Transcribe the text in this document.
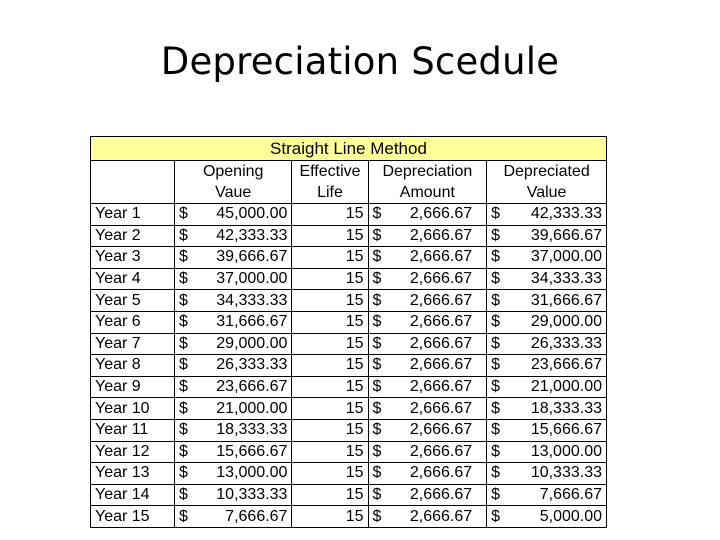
Depreciation Scedule
Straight Line Method				
	Opening	Effective	Depreciation	Depreciated
	Vaue	Life	Amount	Value
Year 1	$ 45,000.00	15	$ 2,666.67	$ 42,333.33

Year 2	$ 42,333.33	15	$ 2,666.67	$ 39,666.67

Year 3	$ 39,666.67	15	$ 2,666.67	$ 37,000.00

Year 4	$ 37,000.00	15	$ 2,666.67	$ 34,333.33

Year 5	$ 34,333.33	15	$ 2,666.67	$ 31,666.67

Year 6	$ 31,666.67	15	$ 2,666.67	$ 29,000.00

Year 7	$ 29,000.00	15	$ 2,666.67	$ 26,333.33

Year 8	$ 26,333.33	15	$ 2,666.67	$ 23,666.67

Year 9	$ 23,666.67	15	$ 2,666.67	$ 21,000.00

Year 10	$ 21,000.00	15	$ 2,666.67	$ 18,333.33

Year 11	$ 18,333.33	15	$ 2,666.67	$ 15,666.67

Year 12	$ 15,666.67	15	$ 2,666.67	$ 13,000.00

Year 13	$ 13,000.00	15	$ 2,666.67	$ 10,333.33

Year 14	$ 10,333.33	15	$ 2,666.67	$ 7,666.67

Year 15	$ 7,666.67	15	$ 2,666.67	$ 5,000.00
